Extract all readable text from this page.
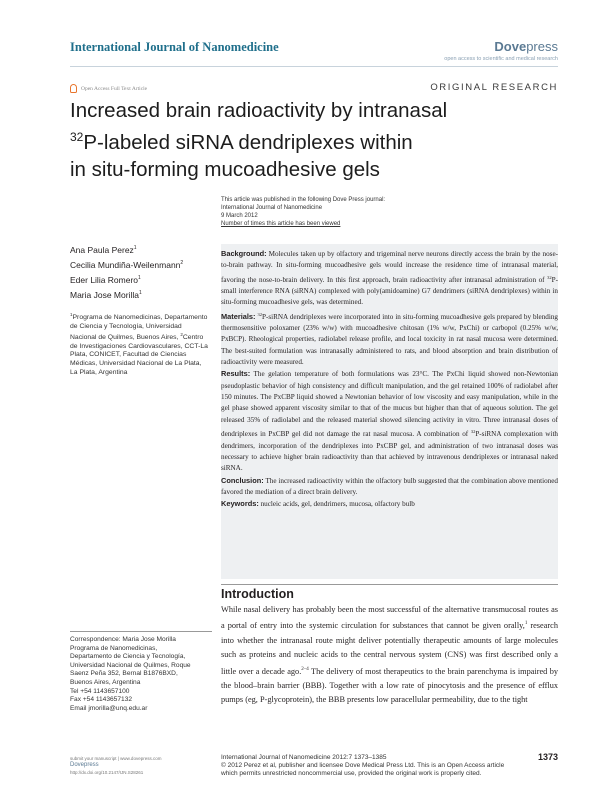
International Journal of Nanomedicine	Dovepress
open access to scientific and medical research
Open Access Full Text Article	ORIGINAL RESEARCH
Increased brain radioactivity by intranasal
$^{32}$P-labeled siRNA dendriplexes within
in situ-forming mucoadhesive gels
This article was published in the following Dove Press journal:
International Journal of Nanomedicine
9 March 2012
Number of times this article has been viewed
Ana Paula Perez$^1$
Cecilia Mundiña-Weilenmann$^2$
Eder Lilia Romero$^1$
Maria Jose Morilla$^1$
$^1$Programa de Nanomedicinas, Departamento de Ciencia y Tecnología, Universidad Nacional de Quilmes, Buenos Aires, $^2$Centro de Investigaciones Cardiovasculares, CCT-La Plata, CONICET, Facultad de Ciencias Médicas, Universidad Nacional de La Plata, La Plata, Argentina
Correspondence: Maria Jose Morilla
Programa de Nanomedicinas,
Departamento de Ciencia y Tecnología,
Universidad Nacional de Quilmes, Roque
Saenz Peña 352, Bernal B1876BXD,
Buenos Aires, Argentina
Tel +54 1143657100
Fax +54 1143657132
Email jmorilla@unq.edu.ar

Background: Molecules taken up by olfactory and trigeminal nerve neurons directly access the brain by the nose-to-brain pathway. In situ-forming mucoadhesive gels would increase the residence time of intranasal material, favoring the nose-to-brain delivery. In this first approach, brain radioactivity after intranasal administration of $^{32}$P-small interference RNA (siRNA) complexed with poly(amidoamine) G7 dendrimers (siRNA dendriplexes) within in situ-forming mucoadhesive gels, was determined.

Materials: $^{32}$P-siRNA dendriplexes were incorporated into in situ-forming mucoadhesive gels prepared by blending thermosensitive poloxamer (23% w/w) with mucoadhesive chitosan (1% w/w, PxChi) or carbopol (0.25% w/w, PxBCP). Rheological properties, radiolabel release profile, and local toxicity in rat nasal mucosa were determined. The best-suited formulation was intranasally administered to rats, and blood absorption and brain distribution of radioactivity were measured.

Results: The gelation temperature of both formulations was 23°C. The PxChi liquid showed non-Newtonian pseudoplastic behavior of high consistency and difficult manipulation, and the gel retained 100% of radiolabel after 150 minutes. The PxCBP liquid showed a Newtonian behavior of low viscosity and easy manipulation, while in the gel phase showed apparent viscosity similar to that of the mucus but higher than that of aqueous solution. The gel released 35% of radiolabel and the released material showed silencing activity in vitro. Three intranasal doses of dendriplexes in PxCBP gel did not damage the rat nasal mucosa. A combination of $^{32}$P-siRNA complexation with dendrimers, incorporation of the dendriplexes into PxCBP gel, and administration of two intranasal doses was necessary to achieve higher brain radioactivity than that achieved by intravenous dendriplexes or intranasal naked siRNA.

Conclusion: The increased radioactivity within the olfactory bulb suggested that the combination above mentioned favored the mediation of a direct brain delivery.

Keywords: nucleic acids, gel, dendrimers, mucosa, olfactory bulb

Introduction
While nasal delivery has probably been the most successful of the alternative transmucosal routes as a portal of entry into the systemic circulation for substances that cannot be given orally,$^1$ research into whether the intranasal route might deliver potentially therapeutic amounts of large molecules such as proteins and nucleic acids to the central nervous system (CNS) was first described only a little over a decade ago.$^{2-4}$ The delivery of most therapeutics to the brain parenchyma is impaired by the blood–brain barrier (BBB). Together with a low rate of pinocytosis and the presence of efflux pumps (eg, P-glycoprotein), the BBB presents low paracellular permeability, due to the tight
submit your manuscript | www.dovepress.com
Dovepress
http://dx.doi.org/10.2147/IJN.S28261
International Journal of Nanomedicine 2012:7 1373–1385
© 2012 Perez et al, publisher and licensee Dove Medical Press Ltd. This is an Open Access article
which permits unrestricted noncommercial use, provided the original work is properly cited.
1373
